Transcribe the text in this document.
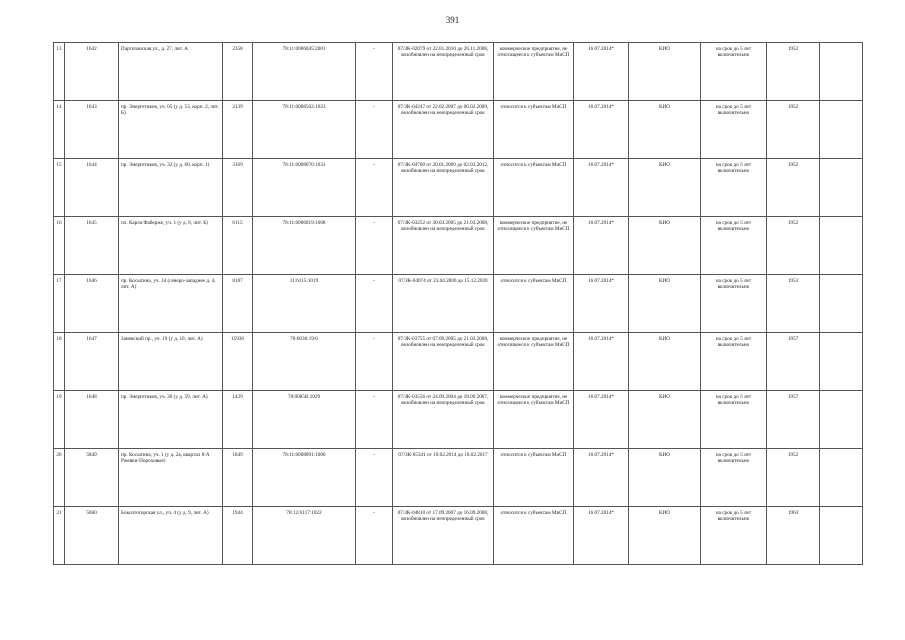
391
13	1642	Партизанская ул., д. 27, лит. А	2358	78:11:0006045:2001	-	07/ЗК-02079 от 22.01.2010 до 26.11.2008, возобновлен на неопределенный срок	коммерческое предприятие, не относящееся к субъектам МиСП	16.07.2014*	КИО	на срок до 5 лет включительно	1952	
14	1643	пр. Энергетиков, уч. 05 (у д. 53, корп. 2, лит. Б)	2139	78:11:0008502:1023	-	07/ЗК-04247 от 22.02.2007 до 06.02.2009, возобновлен на неопределенный срок	относится к субъектам МиСП	16.07.2014*	КИО	на срок до 5 лет включительно	1952	
15	1644	пр. Энергетиков, уч. 32 (у д. 60, корп. 1)	3169	78:11:0008070:1033	-	07/ЗК-04700 от 20.01.2009 до 02.03.2012, возобновлен на неопределенный срок	относится к субъектам МиСП	16.07.2014*	КИО	на срок до 5 лет включительно	1952	
16	1645	пл. Карла Фаберже, уч. 1 (у д. 8, лит. Б)	6115	78:11:0006019:1008	-	07/ЗК-03252 от 30.03.2005 до 21.03.2008, возобновлен на неопределенный срок	коммерческое предприятие, не относящееся к субъектам МиСП	16.07.2014*	КИО	на срок до 5 лет включительно	1952	
17	1646	пр. Косыгина, уч. 34 (северо-западнее д. 4, лит. А)	8187	11:6115:1019	-	07/ЗК-04074 от 23.04.2006 до 15.12.2020	относится к субъектам МиСП	16.07.2014*	КИО	на срок до 5 лет включительно	1953	
18	1647	Заневский пр., уч. 19 (у д. 10, лит. А)	15936	78:6036:19:6	-	07/ЗК-03755 от 07.09.2005 до 21.03.2008, возобновлен на неопределенный срок	коммерческое предприятие, не относящееся к субъектам МиСП	16.07.2014*	КИО	на срок до 5 лет включительно	1957	
19	1648	пр. Энергетиков, уч. 30 (у д. 59, лит. А)	1429	78:0085В:1029	-	07/ЗК-03556 от 24.09.2004 до 18.09.2007, возобновлен на неопределенный срок	коммерческое предприятие, не относящееся к субъектам МиСП	16.07.2014*	КИО	на срок до 5 лет включительно	1957	
20	5849	пр. Косыгина, уч. 1 (у д. 2а, квартал 8-А Ржевки-Пороховые)	1849	78:11:0008091:1000	-	07/ЗК-05341 от 19.02.2014 до 18.02.2017	относится к субъектам МиСП	16.07.2014*	КИО	на срок до 5 лет включительно	1952	
21	5660	Бокситогорская ул., уч. 4 (у д. 9, лит. А)	1944	78:12:6117:1022	-	07/ЗК-04810 от 17.09.2007 до 16.09.2008, возобновлен на неопределенный срок	относится к субъектам МиСП	16.07.2014*	КИО	на срок до 5 лет включительно	1963	
